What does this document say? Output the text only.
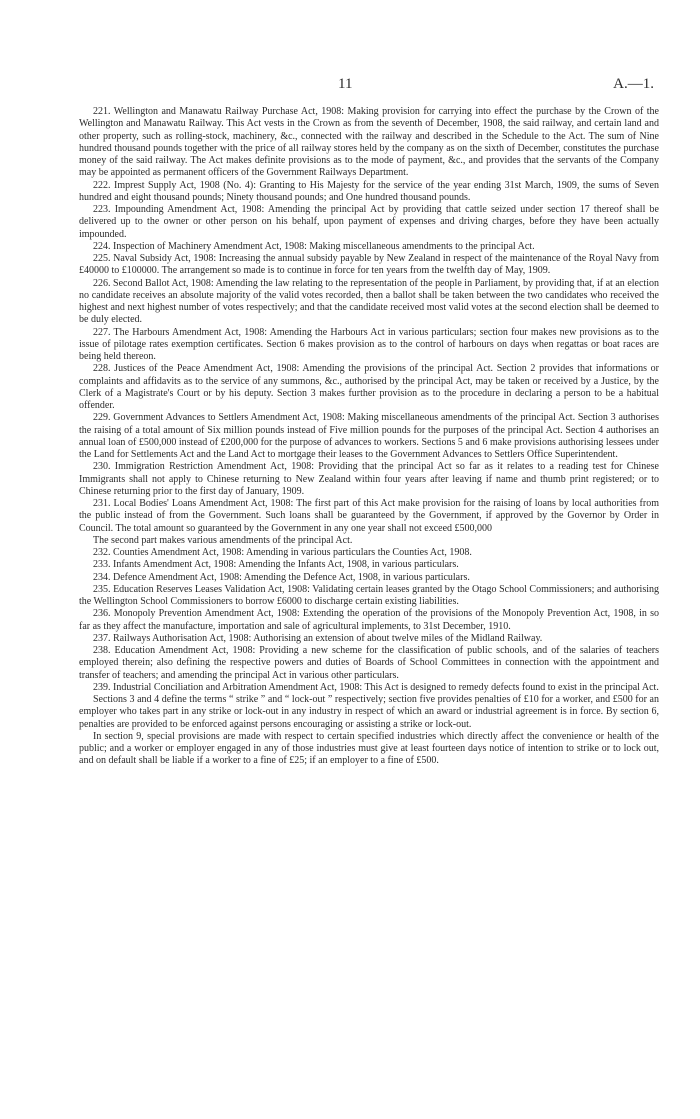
11	A.—1.

221. Wellington and Manawatu Railway Purchase Act, 1908: Making provision for carrying into effect the purchase by the Crown of the Wellington and Manawatu Railway. This Act vests in the Crown as from the seventh of December, 1908, the said railway, and certain land and other property, such as rolling-stock, machinery, &c., connected with the railway and described in the Schedule to the Act. The sum of Nine hundred thousand pounds together with the price of all railway stores held by the company as on the sixth of December, constitutes the purchase money of the said railway. The Act makes definite provisions as to the mode of payment, &c., and provides that the servants of the Company may be appointed as permanent officers of the Government Railways Department.

222. Imprest Supply Act, 1908 (No. 4): Granting to His Majesty for the service of the year ending 31st March, 1909, the sums of Seven hundred and eight thousand pounds; Ninety thousand pounds; and One hundred thousand pounds.

223. Impounding Amendment Act, 1908: Amending the principal Act by providing that cattle seized under section 17 thereof shall be delivered up to the owner or other person on his behalf, upon payment of expenses and driving charges, before they have been actually impounded.

224. Inspection of Machinery Amendment Act, 1908: Making miscellaneous amendments to the principal Act.

225. Naval Subsidy Act, 1908: Increasing the annual subsidy payable by New Zealand in respect of the maintenance of the Royal Navy from £40000 to £100000. The arrangement so made is to continue in force for ten years from the twelfth day of May, 1909.

226. Second Ballot Act, 1908: Amending the law relating to the representation of the people in Parliament, by providing that, if at an election no candidate receives an absolute majority of the valid votes recorded, then a ballot shall be taken between the two candidates who received the highest and next highest number of votes respectively; and that the candidate received most valid votes at the second election shall be deemed to be duly elected.

227. The Harbours Amendment Act, 1908: Amending the Harbours Act in various particulars; section four makes new provisions as to the issue of pilotage rates exemption certificates. Section 6 makes provision as to the control of harbours on days when regattas or boat races are being held thereon.

228. Justices of the Peace Amendment Act, 1908: Amending the provisions of the principal Act. Section 2 provides that informations or complaints and affidavits as to the service of any summons, &c., authorised by the principal Act, may be taken or received by a Justice, by the Clerk of a Magistrate's Court or by his deputy. Section 3 makes further provision as to the procedure in declaring a person to be a habitual offender.

229. Government Advances to Settlers Amendment Act, 1908: Making miscellaneous amendments of the principal Act. Section 3 authorises the raising of a total amount of Six million pounds instead of Five million pounds for the purposes of the principal Act. Section 4 authorises an annual loan of £500,000 instead of £200,000 for the purpose of advances to workers. Sections 5 and 6 make provisions authorising lessees under the Land for Settlements Act and the Land Act to mortgage their leases to the Government Advances to Settlers Office Superintendent.

230. Immigration Restriction Amendment Act, 1908: Providing that the principal Act so far as it relates to a reading test for Chinese Immigrants shall not apply to Chinese returning to New Zealand within four years after leaving if name and thumb print registered; or to Chinese returning prior to the first day of January, 1909.

231. Local Bodies' Loans Amendment Act, 1908: The first part of this Act make provision for the raising of loans by local authorities from the public instead of from the Government. Such loans shall be guaranteed by the Government, if approved by the Governor by Order in Council. The total amount so guaranteed by the Government in any one year shall not exceed £500,000

The second part makes various amendments of the principal Act.

232. Counties Amendment Act, 1908: Amending in various particulars the Counties Act, 1908.

233. Infants Amendment Act, 1908: Amending the Infants Act, 1908, in various particulars.

234. Defence Amendment Act, 1908: Amending the Defence Act, 1908, in various particulars.

235. Education Reserves Leases Validation Act, 1908: Validating certain leases granted by the Otago School Commissioners; and authorising the Wellington School Commissioners to borrow £6000 to discharge certain existing liabilities.

236. Monopoly Prevention Amendment Act, 1908: Extending the operation of the provisions of the Monopoly Prevention Act, 1908, in so far as they affect the manufacture, importation and sale of agricultural implements, to 31st December, 1910.

237. Railways Authorisation Act, 1908: Authorising an extension of about twelve miles of the Midland Railway.

238. Education Amendment Act, 1908: Providing a new scheme for the classification of public schools, and of the salaries of teachers employed therein; also defining the respective powers and duties of Boards of School Committees in connection with the appointment and transfer of teachers; and amending the principal Act in various other particulars.

239. Industrial Conciliation and Arbitration Amendment Act, 1908: This Act is designed to remedy defects found to exist in the principal Act.

Sections 3 and 4 define the terms “ strike ” and “ lock-out ” respectively; section five provides penalties of £10 for a worker, and £500 for an employer who takes part in any strike or lock-out in any industry in respect of which an award or industrial agreement is in force. By section 6, penalties are provided to be enforced against persons encouraging or assisting a strike or lock-out.

In section 9, special provisions are made with respect to certain specified industries which directly affect the convenience or health of the public; and a worker or employer engaged in any of those industries must give at least fourteen days notice of intention to strike or to lock out, and on default shall be liable if a worker to a fine of £25; if an employer to a fine of £500.
